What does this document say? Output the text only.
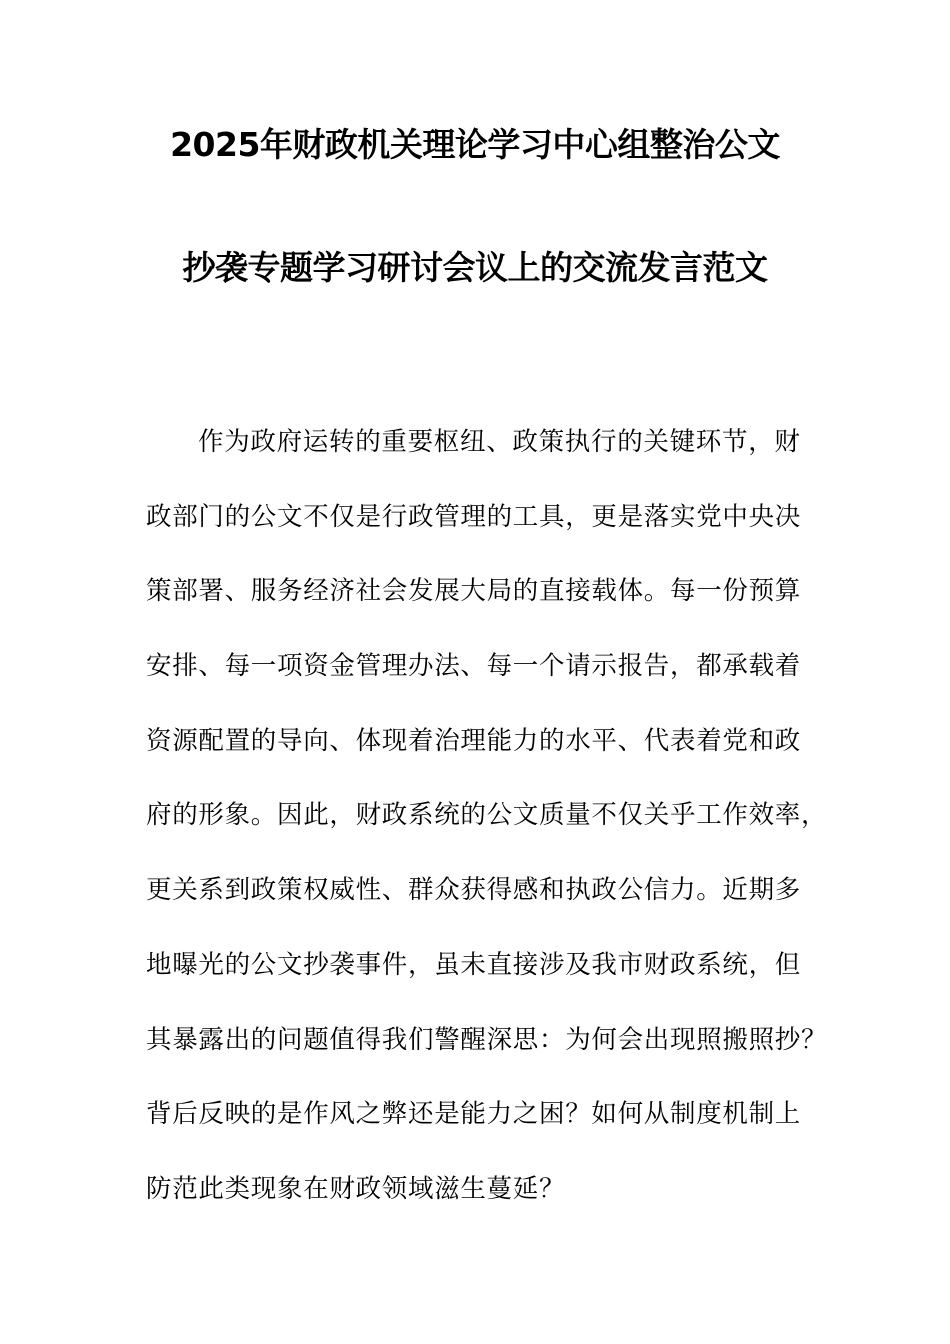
2025年财政机关理论学习中心组整治公文
抄袭专题学习研讨会议上的交流发言范文
作为政府运转的重要枢纽、政策执行的关键环节，财
政部门的公文不仅是行政管理的工具，更是落实党中央决
策部署、服务经济社会发展大局的直接载体。每一份预算
安排、每一项资金管理办法、每一个请示报告，都承载着
资源配置的导向、体现着治理能力的水平、代表着党和政
府的形象。因此，财政系统的公文质量不仅关乎工作效率，
更关系到政策权威性、群众获得感和执政公信力。近期多
地曝光的公文抄袭事件，虽未直接涉及我市财政系统，但
其暴露出的问题值得我们警醒深思：为何会出现照搬照抄？
背后反映的是作风之弊还是能力之困？如何从制度机制上
防范此类现象在财政领域滋生蔓延？
